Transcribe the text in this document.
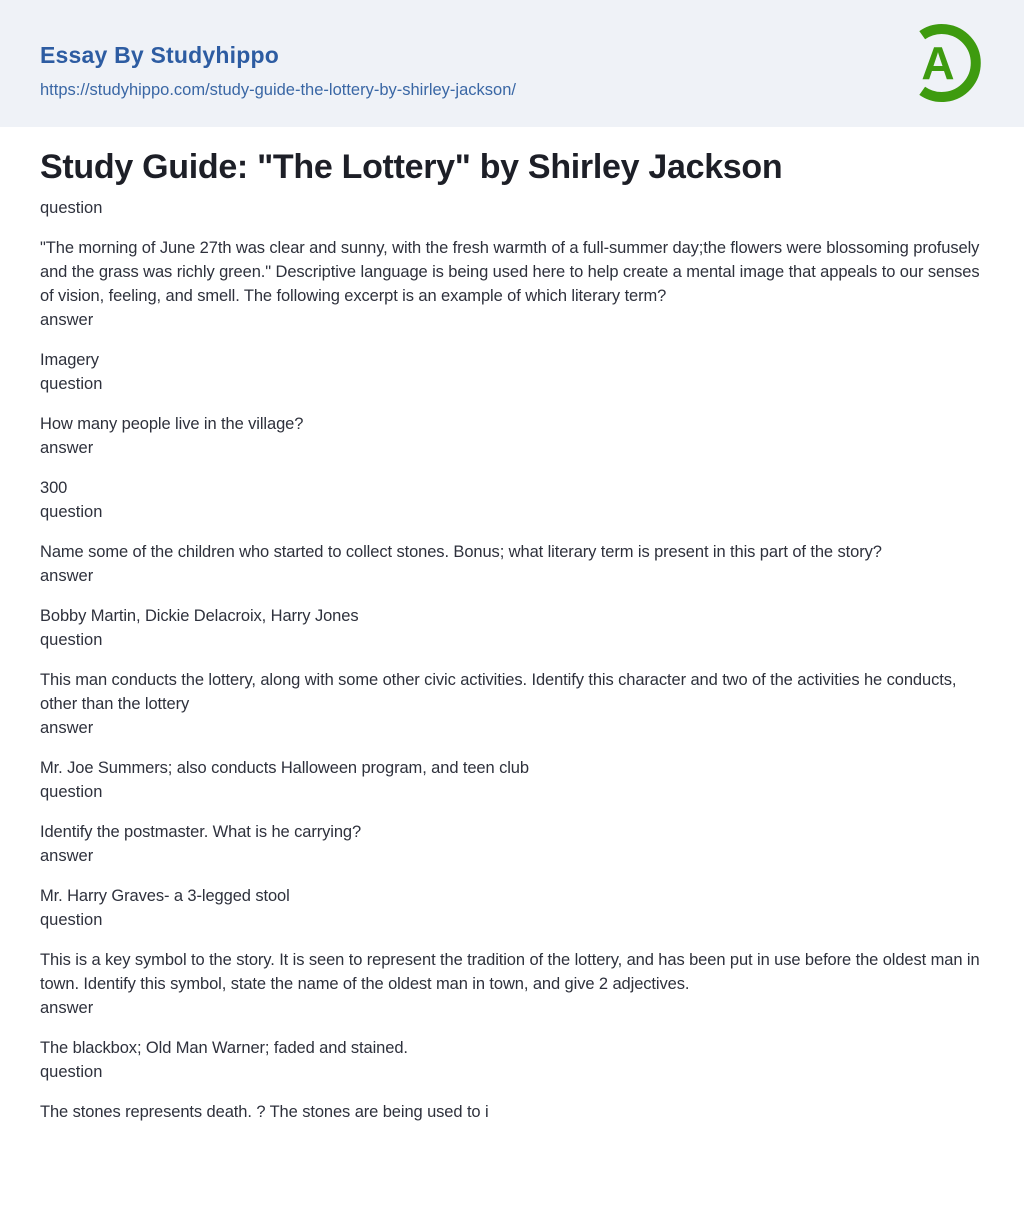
Essay By Studyhippo
https://studyhippo.com/study-guide-the-lottery-by-shirley-jackson/
A
Study Guide: "The Lottery" by Shirley Jackson
question

"The morning of June 27th was clear and sunny, with the fresh warmth of a full-summer day;the flowers were blossoming profusely and the grass was richly green." Descriptive language is being used here to help create a mental image that appeals to our senses of vision, feeling, and smell. The following excerpt is an example of which literary term?

answer

Imagery

question

How many people live in the village?

answer

300

question

Name some of the children who started to collect stones. Bonus; what literary term is present in this part of the story?

answer

Bobby Martin, Dickie Delacroix, Harry Jones

question

This man conducts the lottery, along with some other civic activities. Identify this character and two of the activities he conducts, other than the lottery

answer

Mr. Joe Summers; also conducts Halloween program, and teen club

question

Identify the postmaster. What is he carrying?

answer

Mr. Harry Graves- a 3-legged stool

question

This is a key symbol to the story. It is seen to represent the tradition of the lottery, and has been put in use before the oldest man in town. Identify this symbol, state the name of the oldest man in town, and give 2 adjectives.

answer

The blackbox; Old Man Warner; faded and stained.

question

The stones represents death. ? The stones are being used to i
